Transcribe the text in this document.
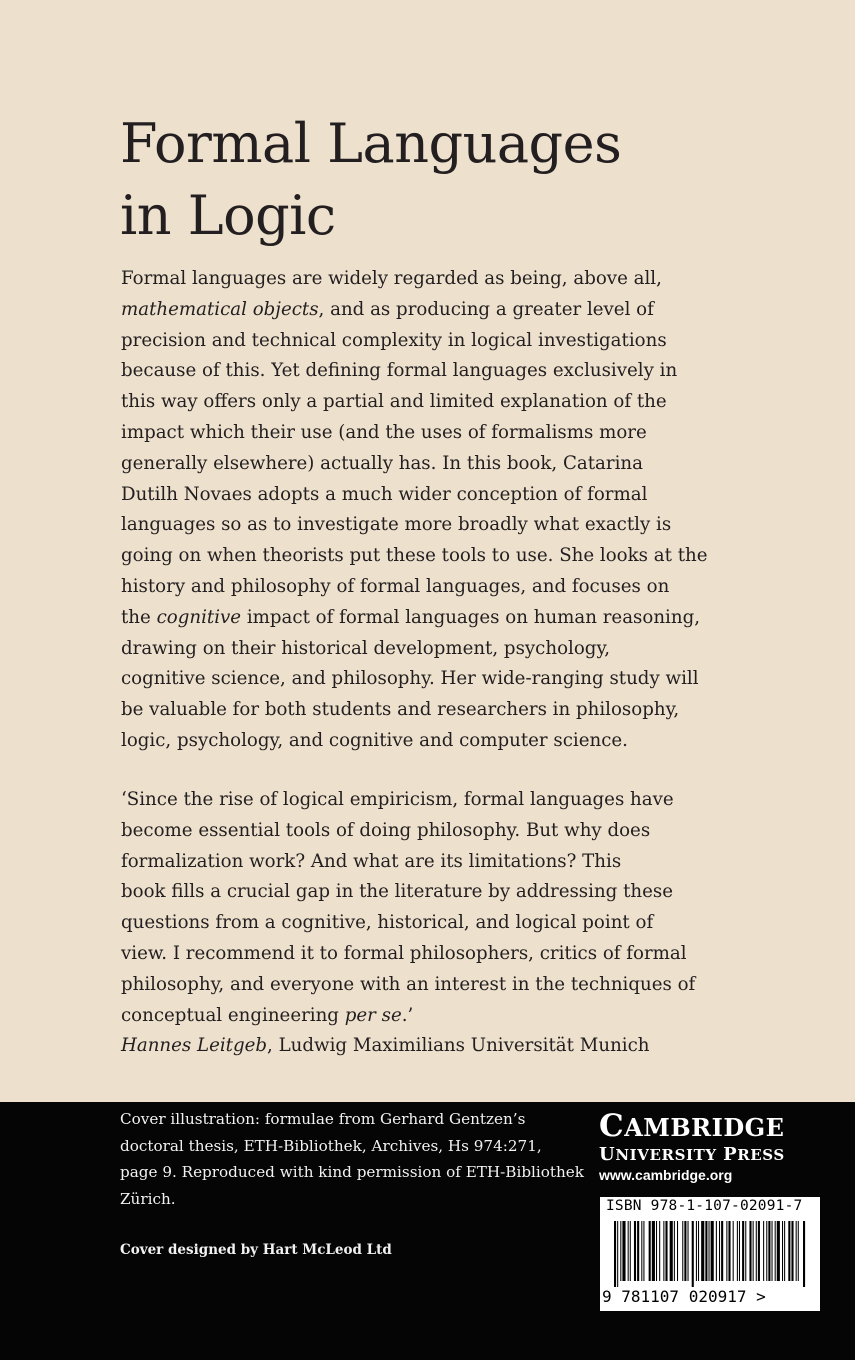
Formal Languages
in Logic

Formal languages are widely regarded as being, above all,
mathematical objects, and as producing a greater level of
precision and technical complexity in logical investigations
because of this. Yet defining formal languages exclusively in
this way offers only a partial and limited explanation of the
impact which their use (and the uses of formalisms more
generally elsewhere) actually has. In this book, Catarina
Dutilh Novaes adopts a much wider conception of formal
languages so as to investigate more broadly what exactly is
going on when theorists put these tools to use. She looks at the
history and philosophy of formal languages, and focuses on
the cognitive impact of formal languages on human reasoning,
drawing on their historical development, psychology,
cognitive science, and philosophy. Her wide-ranging study will
be valuable for both students and researchers in philosophy,
logic, psychology, and cognitive and computer science.

‘Since the rise of logical empiricism, formal languages have
become essential tools of doing philosophy. But why does
formalization work? And what are its limitations? This
book fills a crucial gap in the literature by addressing these
questions from a cognitive, historical, and logical point of
view. I recommend it to formal philosophers, critics of formal
philosophy, and everyone with an interest in the techniques of
conceptual engineering per se.’
Hannes Leitgeb, Ludwig Maximilians Universität Munich

Cover illustration: formulae from Gerhard Gentzen’s
doctoral thesis, ETH-Bibliothek, Archives, Hs 974:271,
page 9. Reproduced with kind permission of ETH-Bibliothek
Zürich.
Cover designed by Hart McLeod Ltd
CAMBRIDGE
UNIVERSITY PRESS
www.cambridge.org
ISBN 978-1-107-02091-7
9 781107 020917 >
